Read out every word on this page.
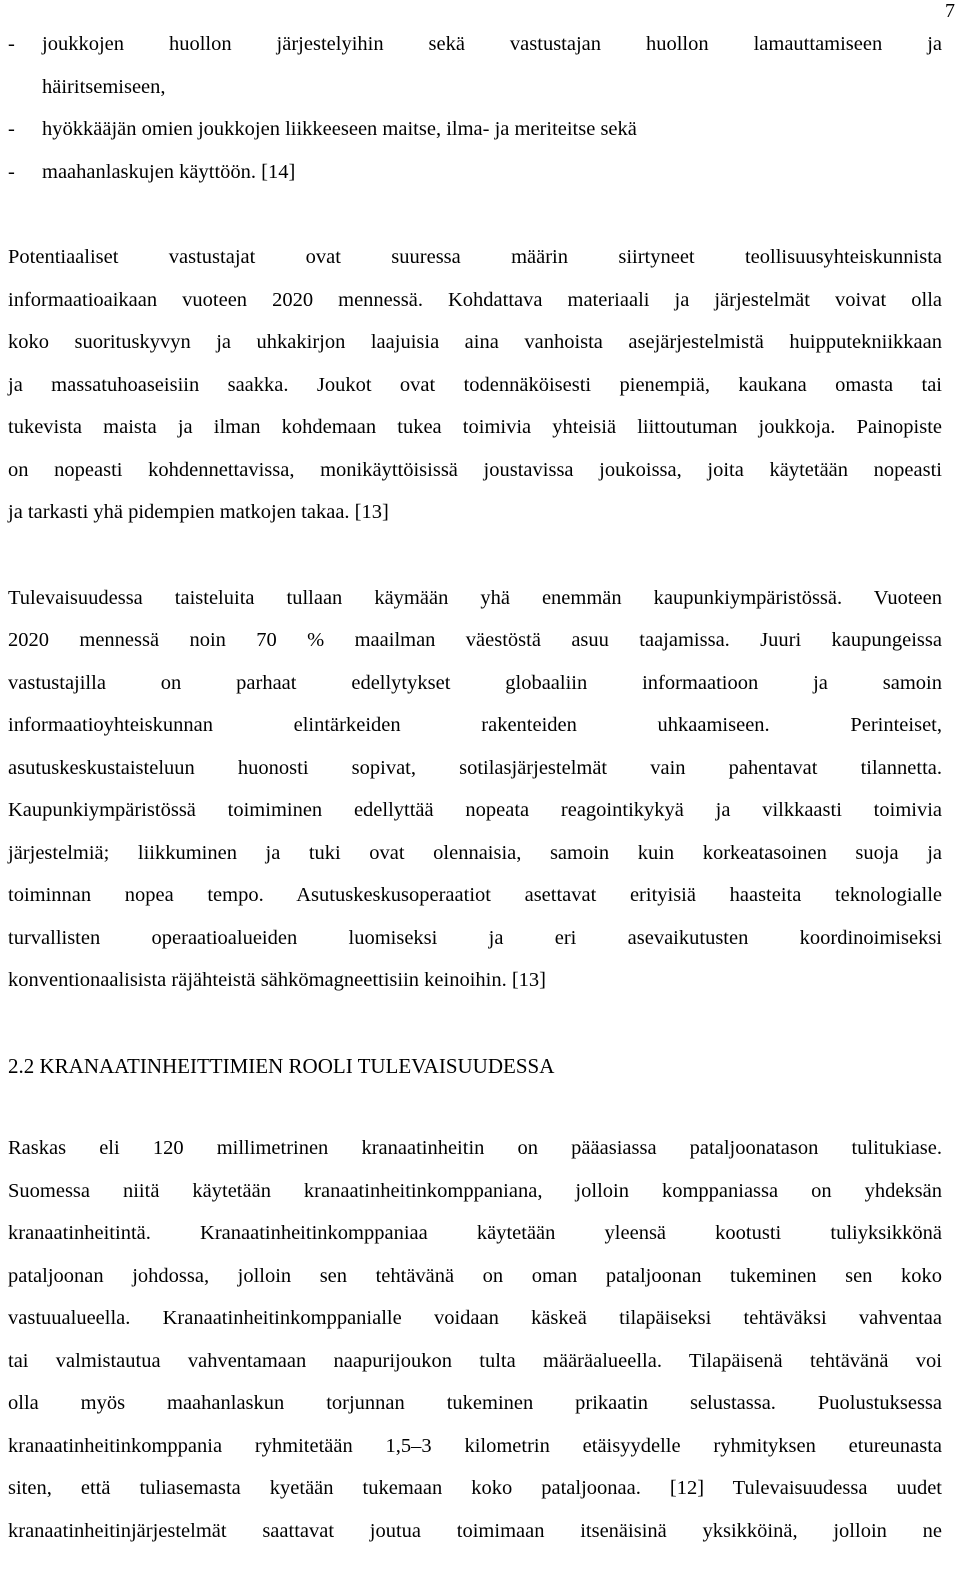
7
-	joukkojen huollon järjestelyihin sekä vastustajan huollon lamauttamiseen ja
häiritsemiseen,
-	hyökkääjän omien joukkojen liikkeeseen maitse, ilma- ja meriteitse sekä
-	maahanlaskujen käyttöön. [14]
Potentiaaliset vastustajat ovat suuressa määrin siirtyneet teollisuusyhteiskunnista
informaatioaikaan vuoteen 2020 mennessä. Kohdattava materiaali ja järjestelmät voivat olla
koko suorituskyvyn ja uhkakirjon laajuisia aina vanhoista asejärjestelmistä huipputekniikkaan
ja massatuhoaseisiin saakka. Joukot ovat todennäköisesti pienempiä, kaukana omasta tai
tukevista maista ja ilman kohdemaan tukea toimivia yhteisiä liittoutuman joukkoja. Painopiste
on nopeasti kohdennettavissa, monikäyttöisissä joustavissa joukoissa, joita käytetään nopeasti
ja tarkasti yhä pidempien matkojen takaa. [13]
Tulevaisuudessa taisteluita tullaan käymään yhä enemmän kaupunkiympäristössä. Vuoteen
2020 mennessä noin 70 % maailman väestöstä asuu taajamissa. Juuri kaupungeissa
vastustajilla on parhaat edellytykset globaaliin informaatioon ja samoin
informaatioyhteiskunnan elintärkeiden rakenteiden uhkaamiseen. Perinteiset,
asutuskeskustaisteluun huonosti sopivat, sotilasjärjestelmät vain pahentavat tilannetta.
Kaupunkiympäristössä toimiminen edellyttää nopeata reagointikykyä ja vilkkaasti toimivia
järjestelmiä; liikkuminen ja tuki ovat olennaisia, samoin kuin korkeatasoinen suoja ja
toiminnan nopea tempo. Asutuskeskusoperaatiot asettavat erityisiä haasteita teknologialle
turvallisten operaatioalueiden luomiseksi ja eri asevaikutusten koordinoimiseksi
konventionaalisista räjähteistä sähkömagneettisiin keinoihin. [13]
2.2 KRANAATINHEITTIMIEN ROOLI TULEVAISUUDESSA
Raskas eli 120 millimetrinen kranaatinheitin on pääasiassa pataljoonatason tulitukiase.
Suomessa niitä käytetään kranaatinheitinkomppaniana, jolloin komppaniassa on yhdeksän
kranaatinheitintä. Kranaatinheitinkomppaniaa käytetään yleensä kootusti tuliyksikkönä
pataljoonan johdossa, jolloin sen tehtävänä on oman pataljoonan tukeminen sen koko
vastuualueella. Kranaatinheitinkomppanialle voidaan käskeä tilapäiseksi tehtäväksi vahventaa
tai valmistautua vahventamaan naapurijoukon tulta määräalueella. Tilapäisenä tehtävänä voi
olla myös maahanlaskun torjunnan tukeminen prikaatin selustassa. Puolustuksessa
kranaatinheitinkomppania ryhmitetään 1,5–3 kilometrin etäisyydelle ryhmityksen etureunasta
siten, että tuliasemasta kyetään tukemaan koko pataljoonaa. [12] Tulevaisuudessa uudet
kranaatinheitinjärjestelmät saattavat joutua toimimaan itsenäisinä yksikköinä, jolloin ne
